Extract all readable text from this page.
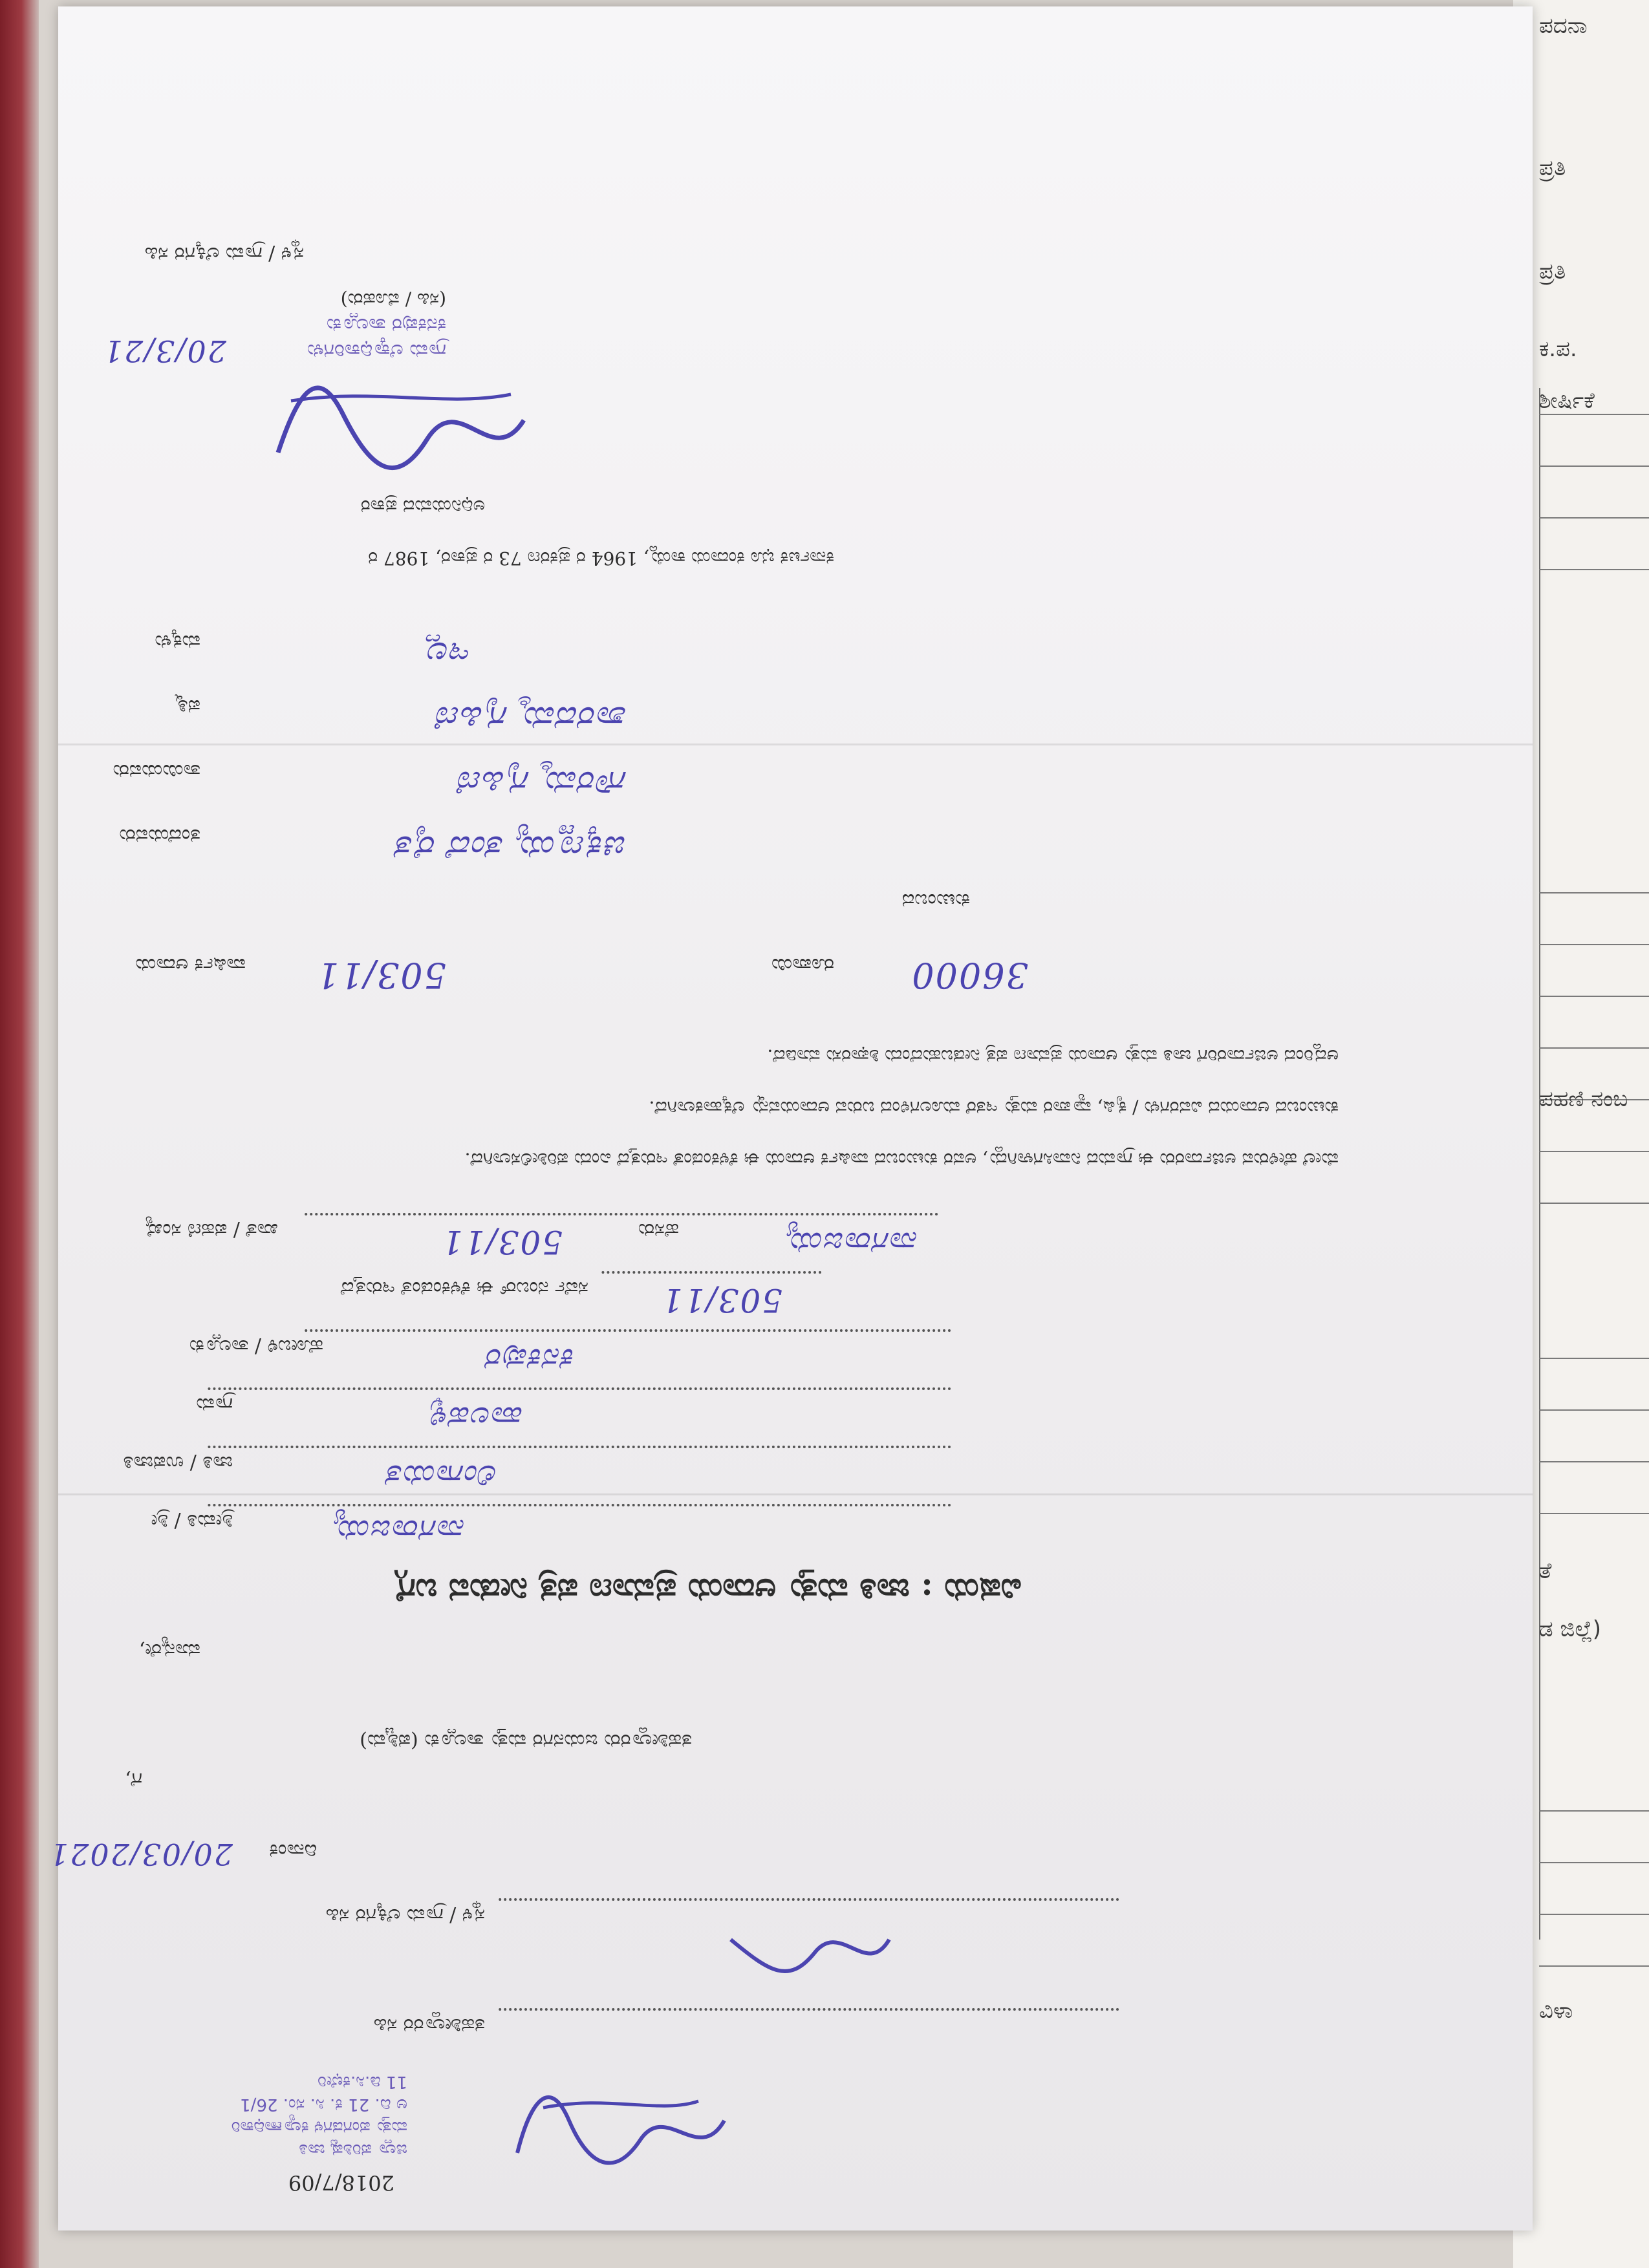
ಪದನಾ
ಪ್ರತಿ
ಪ್ರತಿ
ಕ.ಪ.
ಶೀರ್ಷಿಕೆ
ಪಹಣಿ ನಂಬ
ತೆ
ಡ ಜಿಲ್ಲೆ)
ವಿಳಾ
2018/7/09
ಜಿಲ್ಲಾ ಪರಿಶಿಷ್ಟ ಜಾತಿ
ಮತ್ತು ಪಂಗಡಗಳ ಕಲ್ಯಾಣಾಧಿಕಾರಿ
ಅ ದಿ. 21 ಕ. ಸಿ. ಸಂ. 26/1
11 ಡಿ.ಸಿ.ಕಛೇರಿ
ತಹಶೀಲ್ದಾರರ ಸಹಿ
ಸ್ಥಳ / ಗ್ರಾಮ ಲೆಕ್ಕಿಗರ ಸಹಿ
ದಿನಾಂಕ
20/03/2021
ಗೆ,
ತಹಶೀಲ್ದಾರರು ಜಯನಗರ ಮತ್ತು ತಾಲ್ಲೂಕು (ಪಶ್ಚಿಮ)
ಮಾನ್ಯರೇ,
ವಿಷಯ : ಜಾತಿ ಮತ್ತು ಆದಾಯ ಪ್ರಮಾಣ ಪತ್ರ ನೀಡುವ ಬಗ್ಗೆ
ಶ್ರೀಮತಿ / ಶ್ರೀ	ನಾಗರಾಜಯ್ಯ
ಜಾತಿ / ಉಪಜಾತಿ	ಲಿಂಗಾಯತ
ಗ್ರಾಮ	ಹಾಲಹಳ್ಳಿ
ಹೋಬಳಿ / ತಾಲ್ಲೂಕು	ಕನಕಪುರ
ಸರ್ವೆ ನಂಬರ್ ಈ ಕೆಳಕಂಡಂತೆ ಇರುತ್ತದೆ 503/11
ಖಾತೆ / ಪಹಣಿ ಸಂಖ್ಯೆ	503/11	ಹೆಸರು	ನಾಗರಾಜಯ್ಯ
ಮೇಲೆ ಹೇಳಿರುವ ಅರ್ಜಿದಾರರು ಈ ಗ್ರಾಮದ ನಿವಾಸಿಗಳಾಗಿದ್ದು, ಅವರ ಕುಟುಂಬದ ವಾರ್ಷಿಕ ಆದಾಯ ಈ ಕೆಳಕಂಡಂತೆ ಇರುತ್ತದೆ ಎಂದು ಪರಿಶೀಲಿಸಲಾಗಿದೆ.
ಕುಟುಂಬದ ಆದಾಯದ ವಿವರಗಳು / ಕೃಷಿ, ವ್ಯಾಪಾರ ಮತ್ತು ಇತರೆ ಮೂಲಗಳಿಂದ ಬರುವ ಆದಾಯವನ್ನು ಲೆಕ್ಕಹಾಕಲಾಗಿದೆ.
ಆದ್ದರಿಂದ ಅರ್ಜಿದಾರರಿಗೆ ಜಾತಿ ಮತ್ತು ಆದಾಯ ಪ್ರಮಾಣ ಪತ್ರ ನೀಡಬಹುದೆಂದು ಶಿಫಾರಸು ಮಾಡಿದೆ.
ವಾರ್ಷಿಕ ಆದಾಯ 503/11	ರೂಪಾಯಿ 36000
ಕುಟುಂಬದ
ತಂದೆಯವರು	ಚಿಕ್ಕಣ್ಣಯ್ಯ ತಂದೆ ರೈತ
ತಾಯಿಯವರು	ಗೌರಮ್ಮ ಗೃಹಿಣಿ
ಪತ್ನಿ	ಶಾರದಮ್ಮ ಗೃಹಿಣಿ
ಮಕ್ಕಳು	ಇಲ್ಲ
ಕರ್ನಾಟಕ ಭೂ ಕಂದಾಯ ಕಾಯ್ದೆ, 1964 ರ ಪ್ರಕರಣ 73 ರ ಪ್ರಕಾರ, 1987 ರ
ಅಧಿನಿಯಮದ ಪ್ರಕಾರ
ಗ್ರಾಮ ಲೆಕ್ಕಾಧಿಕಾರಿಗಳು
ಕನಕಪುರ ತಾಲ್ಲೂಕು
(ಸಹಿ / ಮೊಹರು)
20/3/21
ಸ್ಥಳ / ಗ್ರಾಮ ಲೆಕ್ಕಿಗರ ಸಹಿ
